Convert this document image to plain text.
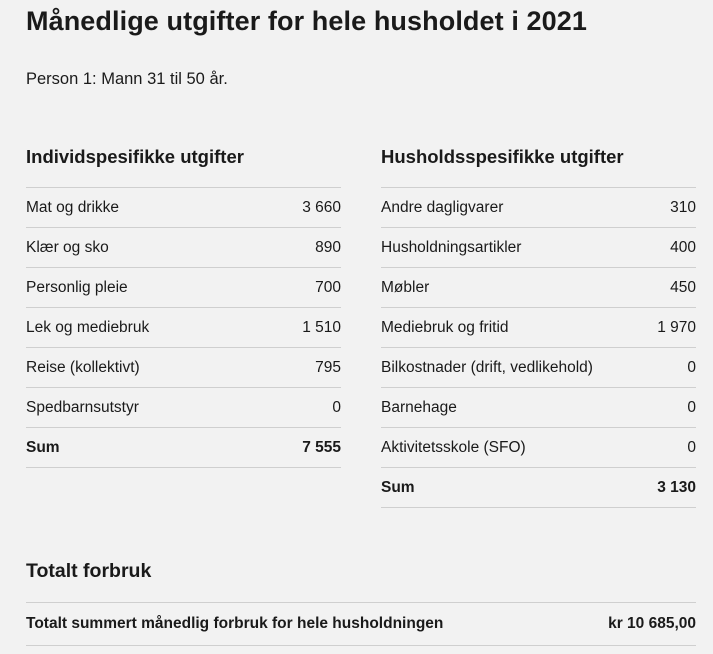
Månedlige utgifter for hele husholdet i 2021
Person 1: Mann 31 til 50 år.
Individspesifikke utgifter
Mat og drikke	3 660
Klær og sko	890
Personlig pleie	700
Lek og mediebruk	1 510
Reise (kollektivt)	795
Spedbarnsutstyr	0
Sum	7 555
Husholdsspesifikke utgifter
Andre dagligvarer	310
Husholdningsartikler	400
Møbler	450
Mediebruk og fritid	1 970
Bilkostnader (drift, vedlikehold)	0
Barnehage	0
Aktivitetsskole (SFO)	0
Sum	3 130
Totalt forbruk
Totalt summert månedlig forbruk for hele husholdningen	kr 10 685,00
